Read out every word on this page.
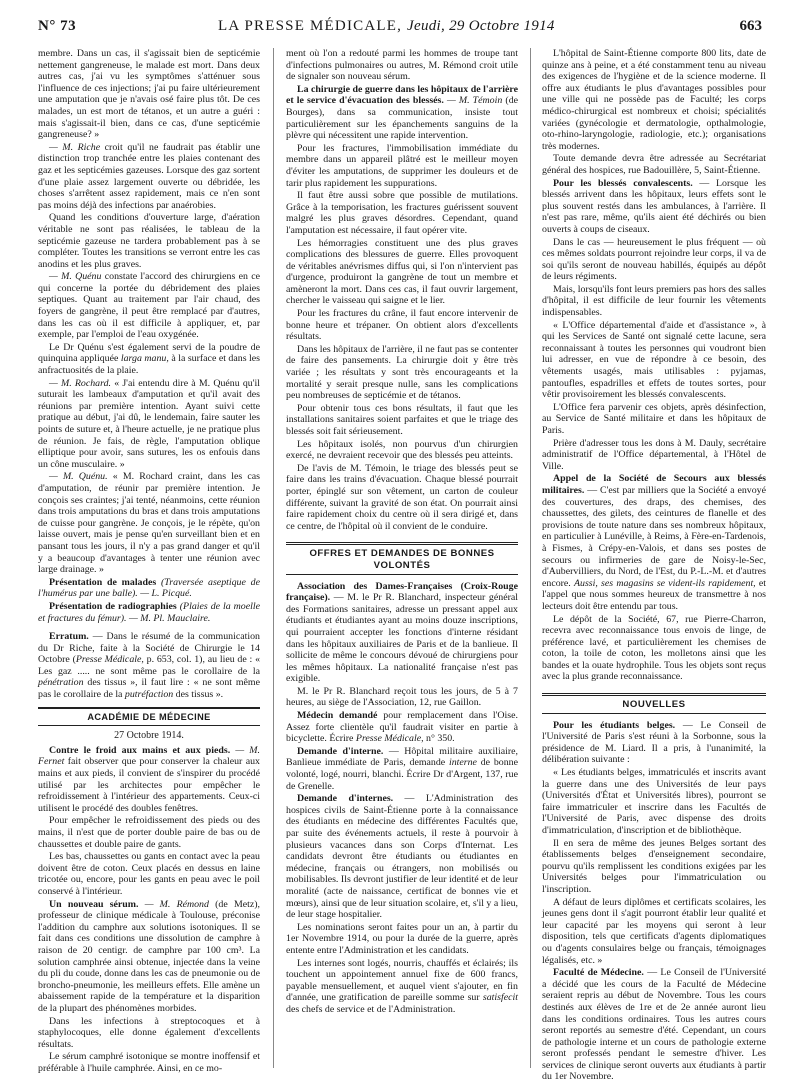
N° 73	LA PRESSE MÉDICALE, Jeudi, 29 Octobre 1914	663

membre. Dans un cas, il s'agissait bien de septicémie nettement gangreneuse, le malade est mort. Dans deux autres cas, j'ai vu les symptômes s'atténuer sous l'influence de ces injections; j'ai pu faire ultérieurement une amputation que je n'avais osé faire plus tôt. De ces malades, un est mort de tétanos, et un autre a guéri : mais s'agissait-il bien, dans ce cas, d'une septicémie gangreneuse? »

— M. Riche croit qu'il ne faudrait pas établir une distinction trop tranchée entre les plaies contenant des gaz et les septicémies gazeuses. Lorsque des gaz sortent d'une plaie assez largement ouverte ou débridée, les choses s'arrêtent assez rapidement, mais ce n'en sont pas moins déjà des infections par anaérobies.

Quand les conditions d'ouverture large, d'aération véritable ne sont pas réalisées, le tableau de la septicémie gazeuse ne tardera probablement pas à se compléter. Toutes les transitions se verront entre les cas anodins et les plus graves.

— M. Quénu constate l'accord des chirurgiens en ce qui concerne la portée du débridement des plaies septiques. Quant au traitement par l'air chaud, des foyers de gangrène, il peut être remplacé par d'autres, dans les cas où il est difficile à appliquer, et, par exemple, par l'emploi de l'eau oxygénée.

Le Dr Quénu s'est également servi de la poudre de quinquina appliquée larga manu, à la surface et dans les anfractuosités de la plaie.

— M. Rochard. « J'ai entendu dire à M. Quénu qu'il suturait les lambeaux d'amputation et qu'il avait des réunions par première intention. Ayant suivi cette pratique au début, j'ai dû, le lendemain, faire sauter les points de suture et, à l'heure actuelle, je ne pratique plus de réunion. Je fais, de règle, l'amputation oblique elliptique pour avoir, sans sutures, les os enfouis dans un cône musculaire. »

— M. Quénu. « M. Rochard craint, dans les cas d'amputation, de réunir par première intention. Je conçois ses craintes; j'ai tenté, néanmoins, cette réunion dans trois amputations du bras et dans trois amputations de cuisse pour gangrène. Je conçois, je le répète, qu'on laisse ouvert, mais je pense qu'en surveillant bien et en pansant tous les jours, il n'y a pas grand danger et qu'il y a beaucoup d'avantages à tenter une réunion avec large drainage. »

Présentation de malades (Traversée aseptique de l'humérus par une balle). — L. Picqué.

Présentation de radiographies (Plaies de la moelle et fractures du fémur). — M. Pl. Mauclaire.

Erratum. — Dans le résumé de la communication du Dr Riche, faite à la Société de Chirurgie le 14 Octobre (Presse Médicale, p. 653, col. 1), au lieu de : « Les gaz ..... ne sont même pas le corollaire de la pénétration des tissus », il faut lire : « ne sont même pas le corollaire de la putréfaction des tissus ».

ACADÉMIE DE MÉDECINE
27 Octobre 1914.

Contre le froid aux mains et aux pieds. — M. Fernet fait observer que pour conserver la chaleur aux mains et aux pieds, il convient de s'inspirer du procédé utilisé par les architectes pour empêcher le refroidissement à l'intérieur des appartements. Ceux-ci utilisent le procédé des doubles fenêtres.

Pour empêcher le refroidissement des pieds ou des mains, il n'est que de porter double paire de bas ou de chaussettes et double paire de gants.

Les bas, chaussettes ou gants en contact avec la peau doivent être de coton. Ceux placés en dessus en laine tricotée ou, encore, pour les gants en peau avec le poil conservé à l'intérieur.

Un nouveau sérum. — M. Rémond (de Metz), professeur de clinique médicale à Toulouse, préconise l'addition du camphre aux solutions isotoniques. Il se fait dans ces conditions une dissolution de camphre à raison de 20 centigr. de camphre par 100 cm³. La solution camphrée ainsi obtenue, injectée dans la veine du pli du coude, donne dans les cas de pneumonie ou de broncho-pneumonie, les meilleurs effets. Elle amène un abaissement rapide de la température et la disparition de la plupart des phénomènes morbides.

Dans les infections à streptocoques et à staphylocoques, elle donne également d'excellents résultats.

Le sérum camphré isotonique se montre inoffensif et préférable à l'huile camphrée. Ainsi, en ce mo-

ment où l'on a redouté parmi les hommes de troupe tant d'infections pulmonaires ou autres, M. Rémond croit utile de signaler son nouveau sérum.

La chirurgie de guerre dans les hôpitaux de l'arrière et le service d'évacuation des blessés. — M. Témoin (de Bourges), dans sa communication, insiste tout particulièrement sur les épanchements sanguins de la plèvre qui nécessitent une rapide intervention.

Pour les fractures, l'immobilisation immédiate du membre dans un appareil plâtré est le meilleur moyen d'éviter les amputations, de supprimer les douleurs et de tarir plus rapidement les suppurations.

Il faut être aussi sobre que possible de mutilations. Grâce à la temporisation, les fractures guérissent souvent malgré les plus graves désordres. Cependant, quand l'amputation est nécessaire, il faut opérer vite.

Les hémorragies constituent une des plus graves complications des blessures de guerre. Elles provoquent de véritables anévrismes diffus qui, si l'on n'intervient pas d'urgence, produiront la gangrène de tout un membre et amèneront la mort. Dans ces cas, il faut ouvrir largement, chercher le vaisseau qui saigne et le lier.

Pour les fractures du crâne, il faut encore intervenir de bonne heure et trépaner. On obtient alors d'excellents résultats.

Dans les hôpitaux de l'arrière, il ne faut pas se contenter de faire des pansements. La chirurgie doit y être très variée ; les résultats y sont très encourageants et la mortalité y serait presque nulle, sans les complications peu nombreuses de septicémie et de tétanos.

Pour obtenir tous ces bons résultats, il faut que les installations sanitaires soient parfaites et que le triage des blessés soit fait sérieusement.

Les hôpitaux isolés, non pourvus d'un chirurgien exercé, ne devraient recevoir que des blessés peu atteints.

De l'avis de M. Témoin, le triage des blessés peut se faire dans les trains d'évacuation. Chaque blessé pourrait porter, épinglé sur son vêtement, un carton de couleur différente, suivant la gravité de son état. On pourrait ainsi faire rapidement choix du centre où il sera dirigé et, dans ce centre, de l'hôpital où il convient de le conduire.

OFFRES ET DEMANDES DE BONNES VOLONTÉS

Association des Dames-Françaises (Croix-Rouge française). — M. le Pr R. Blanchard, inspecteur général des Formations sanitaires, adresse un pressant appel aux étudiants et étudiantes ayant au moins douze inscriptions, qui pourraient accepter les fonctions d'interne résidant dans les hôpitaux auxiliaires de Paris et de la banlieue. Il sollicite de même le concours dévoué de chirurgiens pour les mêmes hôpitaux. La nationalité française n'est pas exigible.

M. le Pr R. Blanchard reçoit tous les jours, de 5 à 7 heures, au siège de l'Association, 12, rue Gaillon.

Médecin demandé pour remplacement dans l'Oise. Assez forte clientèle qu'il faudrait visiter en partie à bicyclette. Écrire Presse Médicale, n° 350.

Demande d'interne. — Hôpital militaire auxiliaire, Banlieue immédiate de Paris, demande interne de bonne volonté, logé, nourri, blanchi. Écrire Dr d'Argent, 137, rue de Grenelle.

Demande d'internes. — L'Administration des hospices civils de Saint-Étienne porte à la connaissance des étudiants en médecine des différentes Facultés que, par suite des événements actuels, il reste à pourvoir à plusieurs vacances dans son Corps d'Internat. Les candidats devront être étudiants ou étudiantes en médecine, français ou étrangers, non mobilisés ou mobilisables. Ils devront justifier de leur identité et de leur moralité (acte de naissance, certificat de bonnes vie et mœurs), ainsi que de leur situation scolaire, et, s'il y a lieu, de leur stage hospitalier.

Les nominations seront faites pour un an, à partir du 1er Novembre 1914, ou pour la durée de la guerre, après entente entre l'Administration et les candidats.

Les internes sont logés, nourris, chauffés et éclairés; ils touchent un appointement annuel fixe de 600 francs, payable mensuellement, et auquel vient s'ajouter, en fin d'année, une gratification de pareille somme sur satisfecit des chefs de service et de l'Administration.

L'hôpital de Saint-Étienne comporte 800 lits, date de quinze ans à peine, et a été constamment tenu au niveau des exigences de l'hygiène et de la science moderne. Il offre aux étudiants le plus d'avantages possibles pour une ville qui ne possède pas de Faculté; les corps médico-chirurgical est nombreux et choisi; spécialités variées (gynécologie et dermatologie, opthalmologie, oto-rhino-laryngologie, radiologie, etc.); organisations très modernes.

Toute demande devra être adressée au Secrétariat général des hospices, rue Badouillère, 5, Saint-Étienne.

Pour les blessés convalescents. — Lorsque les blessés arrivent dans les hôpitaux, leurs effets sont le plus souvent restés dans les ambulances, à l'arrière. Il n'est pas rare, même, qu'ils aient été déchirés ou bien ouverts à coups de ciseaux.

Dans le cas — heureusement le plus fréquent — où ces mêmes soldats pourront rejoindre leur corps, il va de soi qu'ils seront de nouveau habillés, équipés au dépôt de leurs régiments.

Mais, lorsqu'ils font leurs premiers pas hors des salles d'hôpital, il est difficile de leur fournir les vêtements indispensables.

« L'Office départemental d'aide et d'assistance », à qui les Services de Santé ont signalé cette lacune, sera reconnaissant à toutes les personnes qui voudront bien lui adresser, en vue de répondre à ce besoin, des vêtements usagés, mais utilisables : pyjamas, pantoufles, espadrilles et effets de toutes sortes, pour vêtir provisoirement les blessés convalescents.

L'Office fera parvenir ces objets, après désinfection, au Service de Santé militaire et dans les hôpitaux de Paris.

Prière d'adresser tous les dons à M. Dauly, secrétaire administratif de l'Office départemental, à l'Hôtel de Ville.

Appel de la Société de Secours aux blessés militaires. — C'est par milliers que la Société a envoyé des couvertures, des draps, des chemises, des chaussettes, des gilets, des ceintures de flanelle et des provisions de toute nature dans ses nombreux hôpitaux, en particulier à Lunéville, à Reims, à Fère-en-Tardenois, à Fismes, à Crépy-en-Valois, et dans ses postes de secours ou infirmeries de gare de Noisy-le-Sec, d'Aubervilliers, du Nord, de l'Est, du P.-L.-M. et d'autres encore. Aussi, ses magasins se vident-ils rapidement, et l'appel que nous sommes heureux de transmettre à nos lecteurs doit être entendu par tous.

Le dépôt de la Société, 67, rue Pierre-Charron, recevra avec reconnaissance tous envois de linge, de préférence lavé, et particulièrement les chemises de coton, la toile de coton, les molletons ainsi que les bandes et la ouate hydrophile. Tous les objets sont reçus avec la plus grande reconnaissance.

NOUVELLES

Pour les étudiants belges. — Le Conseil de l'Université de Paris s'est réuni à la Sorbonne, sous la présidence de M. Liard. Il a pris, à l'unanimité, la délibération suivante :

« Les étudiants belges, immatriculés et inscrits avant la guerre dans une des Universités de leur pays (Universités d'État et Universités libres), pourront se faire immatriculer et inscrire dans les Facultés de l'Université de Paris, avec dispense des droits d'immatriculation, d'inscription et de bibliothèque.

Il en sera de même des jeunes Belges sortant des établissements belges d'enseignement secondaire, pourvu qu'ils remplissent les conditions exigées par les Universités belges pour l'immatriculation ou l'inscription.

A défaut de leurs diplômes et certificats scolaires, les jeunes gens dont il s'agit pourront établir leur qualité et leur capacité par les moyens qui seront à leur disposition, tels que certificats d'agents diplomatiques ou d'agents consulaires belge ou français, témoignages légalisés, etc. »

Faculté de Médecine. — Le Conseil de l'Université a décidé que les cours de la Faculté de Médecine seraient repris au début de Novembre. Tous les cours destinés aux élèves de 1re et de 2e année auront lieu dans les conditions ordinaires. Tous les autres cours seront reportés au semestre d'été. Cependant, un cours de pathologie interne et un cours de pathologie externe seront professés pendant le semestre d'hiver. Les services de clinique seront ouverts aux étudiants à partir du 1er Novembre.
